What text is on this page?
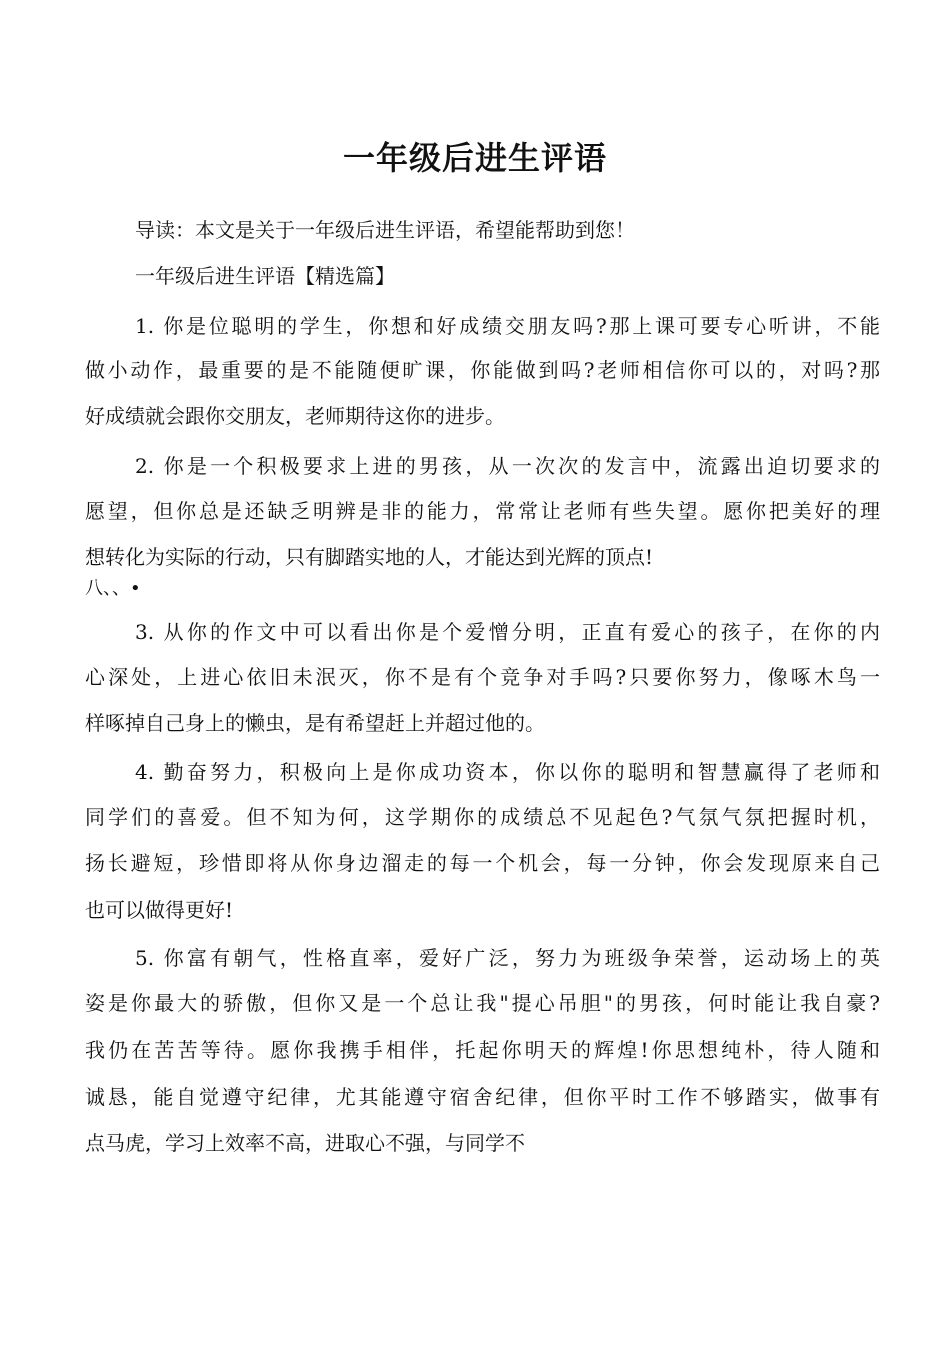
一年级后进生评语
导读：本文是关于一年级后进生评语，希望能帮助到您！
一年级后进生评语【精选篇】
1. 你是位聪明的学生，你想和好成绩交朋友吗?那上课可要专心听讲，不能
做小动作，最重要的是不能随便旷课，你能做到吗?老师相信你可以的，对吗?那
好成绩就会跟你交朋友，老师期待这你的进步。
2. 你是一个积极要求上进的男孩，从一次次的发言中，流露出迫切要求的
愿望，但你总是还缺乏明辨是非的能力，常常让老师有些失望。愿你把美好的理
想转化为实际的行动，只有脚踏实地的人，才能达到光辉的顶点!
八、、•
3. 从你的作文中可以看出你是个爱憎分明，正直有爱心的孩子，在你的内
心深处，上进心依旧未泯灭，你不是有个竞争对手吗?只要你努力，像啄木鸟一
样啄掉自己身上的懒虫，是有希望赶上并超过他的。
4. 勤奋努力，积极向上是你成功资本，你以你的聪明和智慧赢得了老师和
同学们的喜爱。但不知为何，这学期你的成绩总不见起色?气氛气氛把握时机，
扬长避短，珍惜即将从你身边溜走的每一个机会，每一分钟，你会发现原来自己
也可以做得更好!
5. 你富有朝气，性格直率，爱好广泛，努力为班级争荣誉，运动场上的英
姿是你最大的骄傲，但你又是一个总让我"提心吊胆"的男孩，何时能让我自豪?
我仍在苦苦等待。愿你我携手相伴，托起你明天的辉煌!你思想纯朴，待人随和
诚恳，能自觉遵守纪律，尤其能遵守宿舍纪律，但你平时工作不够踏实，做事有
点马虎，学习上效率不高，进取心不强，与同学不
